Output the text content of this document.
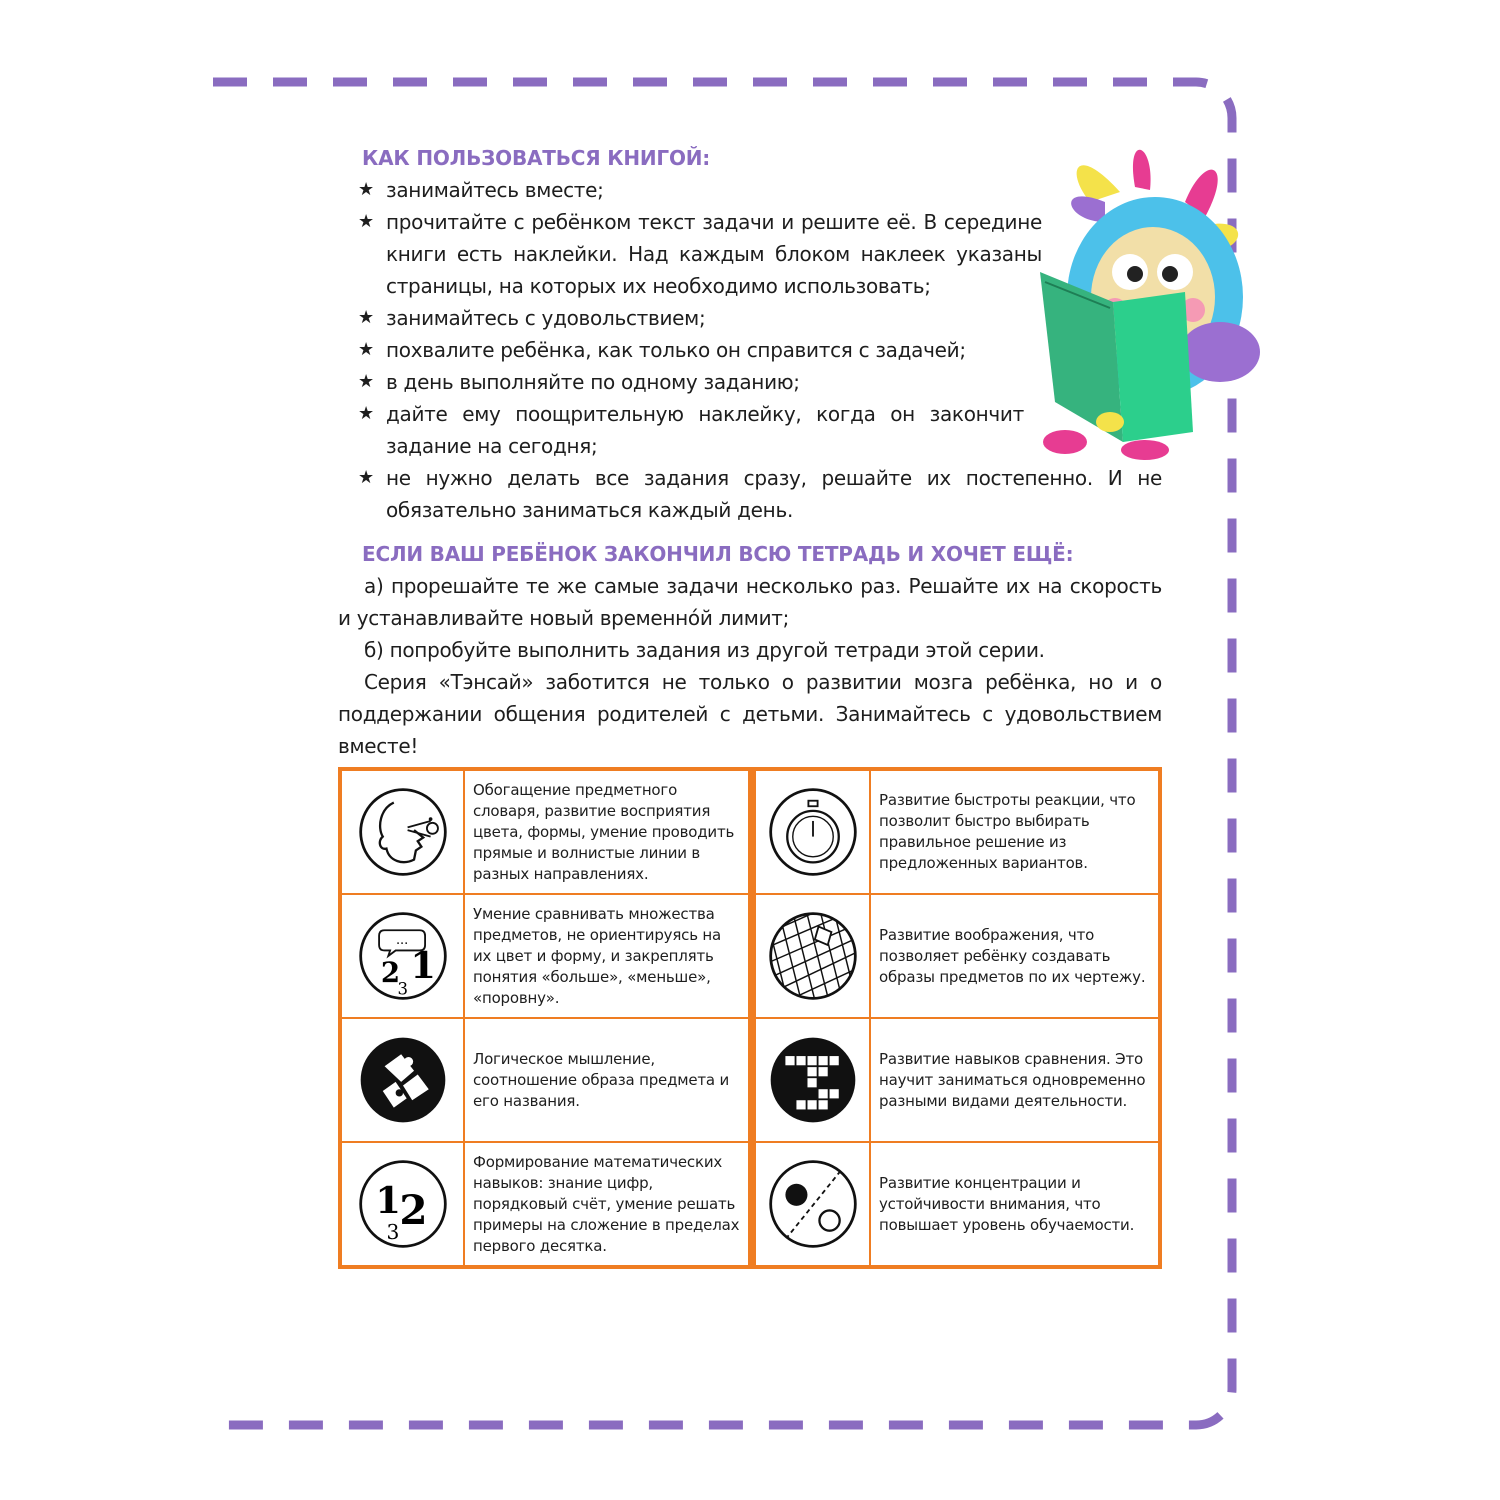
КАК ПОЛЬЗОВАТЬСЯ КНИГОЙ:
★ занимайтесь вместе;
★ прочитайте с ребёнком текст задачи и решите её. В середине книги есть наклейки. Над каждым блоком наклеек указаны страницы, на которых их необходимо использовать;
★ занимайтесь с удовольствием;
★ похвалите ребёнка, как только он справится с задачей;
★ в день выполняйте по одному заданию;
★ дайте ему поощрительную наклейку, когда он закончит задание на сегодня;
★ не нужно делать все задания сразу, решайте их постепенно. И не обязательно заниматься каждый день.
ЕСЛИ ВАШ РЕБЁНОК ЗАКОНЧИЛ ВСЮ ТЕТРАДЬ И ХОЧЕТ ЕЩЁ:

а) прорешайте те же самые задачи несколько раз. Решайте их на скорость и устанавливайте новый временнóй лимит;

б) попробуйте выполнить задания из другой тетради этой серии.

Серия «Тэнсай» заботится не только о развитии мозга ребёнка, но и о поддержании общения родителей с детьми. Занимайтесь с удовольствием вместе!

Обогащение предметного словаря, развитие восприятия цвета, формы, умение проводить прямые и волнистые линии в разных направлениях.
Развитие быстроты реакции, что позволит быстро выбирать правильное решение из предложенных вариантов.
...
2 1
3
Умение сравнивать множества предметов, не ориентируясь на их цвет и форму, и закреплять понятия «больше», «меньше», «поровну».
Развитие воображения, что позволяет ребёнку создавать образы предметов по их чертежу.
Логическое мышление, соотношение образа предмета и его названия.
Развитие навыков сравнения. Это научит заниматься одновременно разными видами деятельности.
1
2
3
Формирование математических навыков: знание цифр, порядковый счёт, умение решать примеры на сложение в пределах первого десятка.
Развитие концентрации и устойчивости внимания, что повышает уровень обучаемости.
